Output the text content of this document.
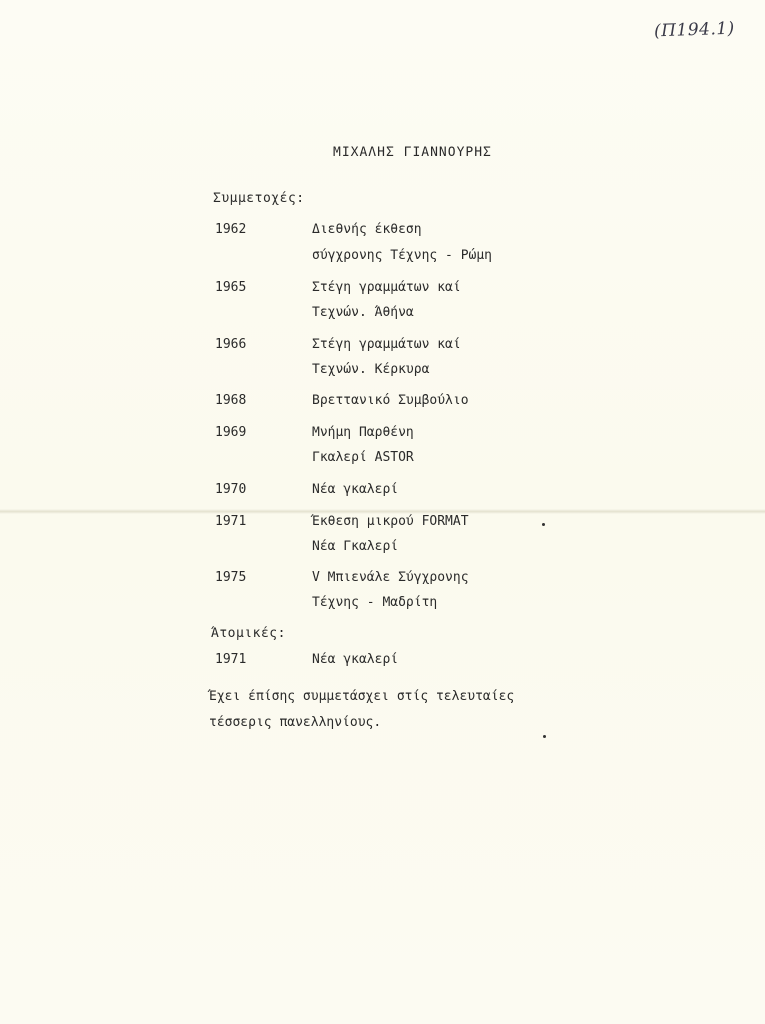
(Π194.1)
ΜΙΧΑΛΗΣ ΓΙΑΝΝΟΥΡΗΣ
Συμμετοχές:
1962	Διεθνής έκθεση
σύγχρονης Τέχνης - Ρώμη
1965	Στέγη γραμμάτων καί
Τεχνών. Άθήνα
1966	Στέγη γραμμάτων καί
Τεχνών. Κέρκυρα
1968	Βρεττανικό Συμβούλιο
1969	Μνήμη Παρθένη
Γκαλερί ASTOR
1970	Νέα γκαλερί
1971	Έκθεση μικρού FORMAT
Νέα Γκαλερί
1975	V Μπιενάλε Σύγχρονης
Τέχνης - Μαδρίτη
Άτομικές:
1971	Νέα γκαλερί
Έχει έπίσης συμμετάσχει στίς τελευταίες
τέσσερις πανελληνίους.
